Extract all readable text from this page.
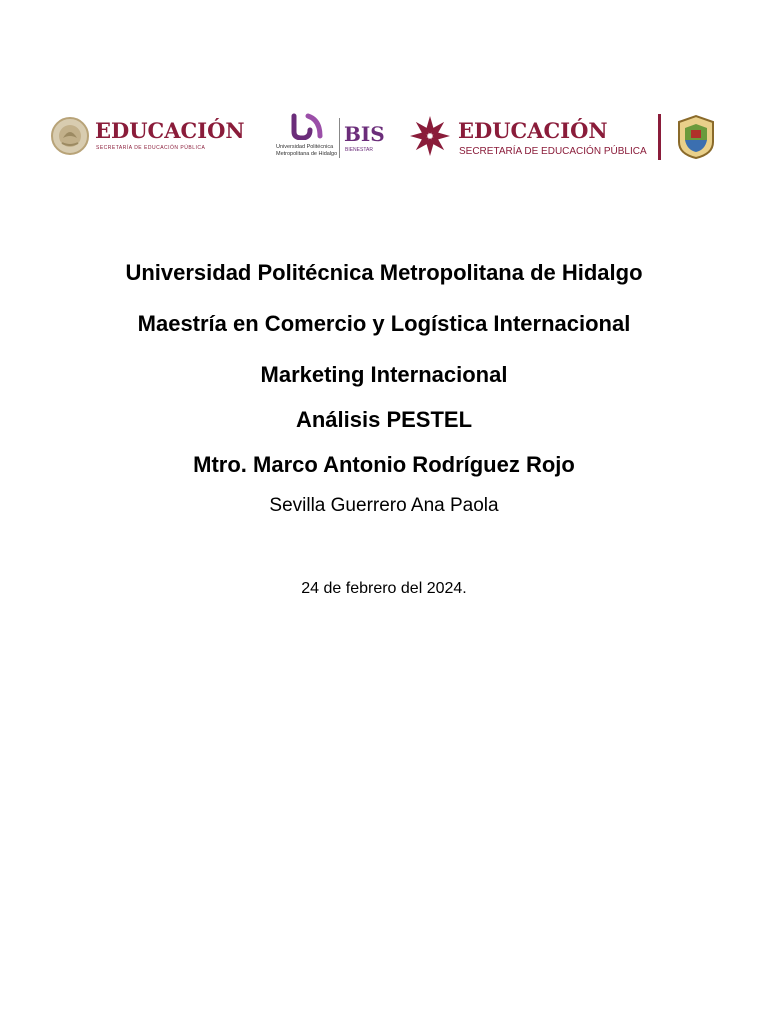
EDUCACIÓN
SECRETARÍA DE EDUCACIÓN PÚBLICA	Universidad Politécnica
Metropolitana de Hidalgo
BIS
BIENESTAR
EDUCACIÓN
SECRETARÍA DE EDUCACIÓN PÚBLICA

Universidad Politécnica Metropolitana de Hidalgo

Maestría en Comercio y Logística Internacional

Marketing Internacional

Análisis PESTEL

Mtro. Marco Antonio Rodríguez Rojo

Sevilla Guerrero Ana Paola

24 de febrero del 2024.
